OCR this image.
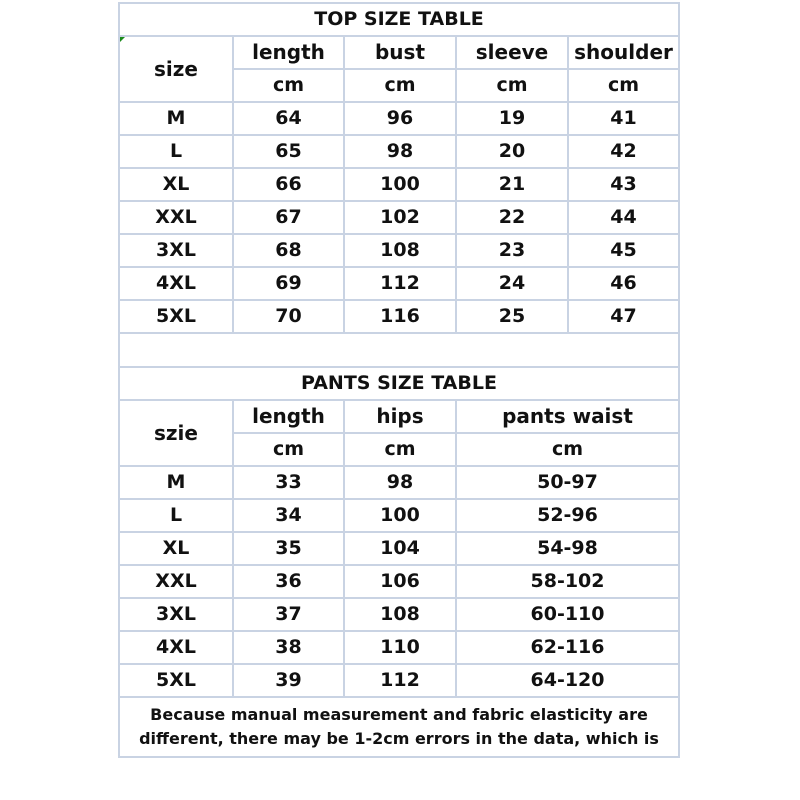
TOP SIZE TABLE				
size	length	bust	sleeve	shoulder
	cm	cm	cm	cm
M	64	96	19	41
L	65	98	20	42
XL	66	100	21	43
XXL	67	102	22	44
3XL	68	108	23	45
4XL	69	112	24	46
5XL	70	116	25	47

PANTS SIZE TABLE			
szie	length	hips	pants waist
	cm	cm	cm
M	33	98	50-97
L	34	100	52-96
XL	35	104	54-98
XXL	36	106	58-102
3XL	37	108	60-110
4XL	38	110	62-116
5XL	39	112	64-120
Because manual measurement and fabric elasticity are different, there may be 1-2cm errors in the data, which is			
